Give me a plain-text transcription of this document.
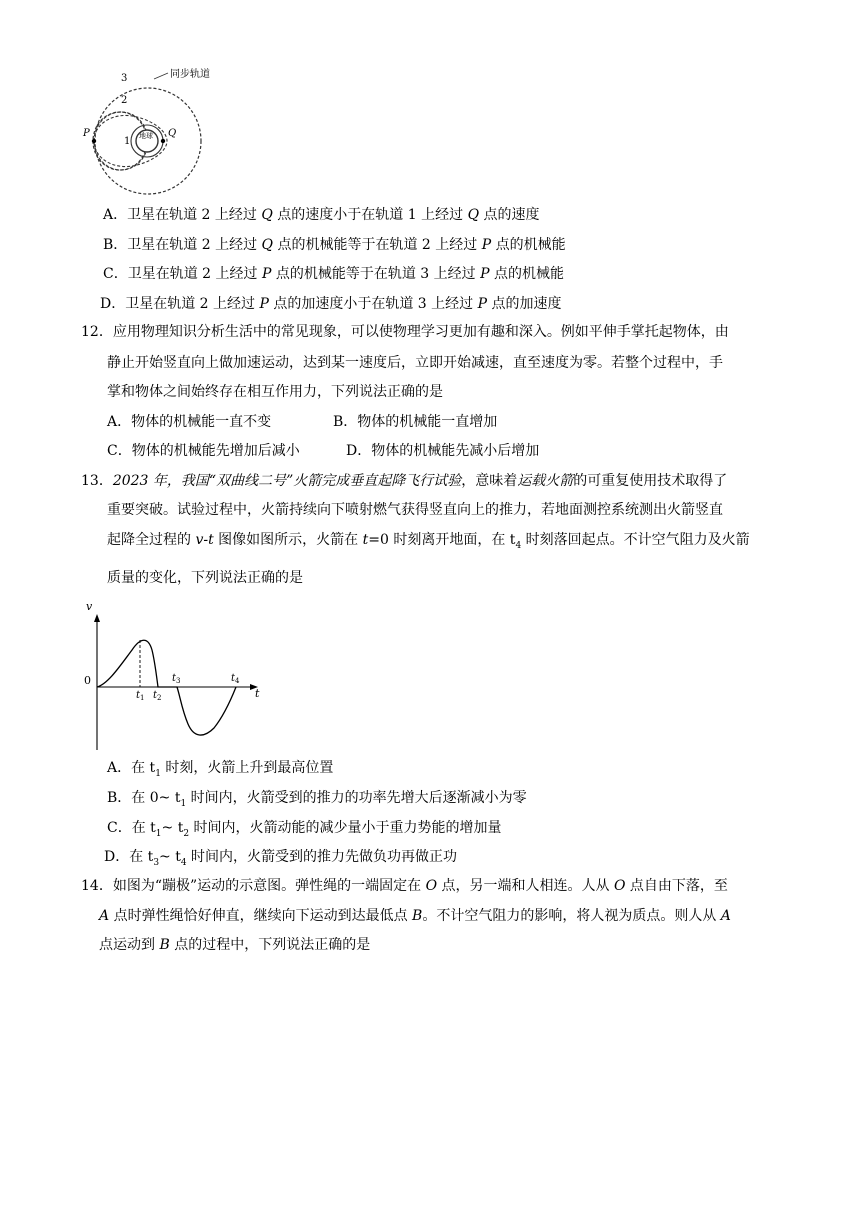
同步轨道
3
2
1 地球
P	Q
A．卫星在轨道 2 上经过 Q 点的速度小于在轨道 1 上经过 Q 点的速度
B．卫星在轨道 2 上经过 Q 点的机械能等于在轨道 2 上经过 P 点的机械能
C．卫星在轨道 2 上经过 P 点的机械能等于在轨道 3 上经过 P 点的机械能
D．卫星在轨道 2 上经过 P 点的加速度小于在轨道 3 上经过 P 点的加速度
12．应用物理知识分析生活中的常见现象，可以使物理学习更加有趣和深入。例如平伸手掌托起物体，由
静止开始竖直向上做加速运动，达到某一速度后，立即开始减速，直至速度为零。若整个过程中，手
掌和物体之间始终存在相互作用力，下列说法正确的是
A．物体的机械能一直不变	B．物体的机械能一直增加
C．物体的机械能先增加后减小	D．物体的机械能先减小后增加
13．2023 年，我国“双曲线二号”火箭完成垂直起降飞行试验，意味着运载火箭的可重复使用技术取得了
重要突破。试验过程中，火箭持续向下喷射燃气获得竖直向上的推力，若地面测控系统测出火箭竖直
起降全过程的 v-t 图像如图所示，火箭在 t=0 时刻离开地面，在 $t_4$ 时刻落回起点。不计空气阻力及火箭
质量的变化，下列说法正确的是
v
0
t
$t_1$ $t_2$
$t_3$	$t_4$
A．在 $t_1$ 时刻，火箭上升到最高位置
B．在 0~ $t_1$ 时间内，火箭受到的推力的功率先增大后逐渐减小为零
C．在 $t_1\sim$ $t_2$ 时间内，火箭动能的减少量小于重力势能的增加量
D．在 $t_3\sim$ $t_4$ 时间内，火箭受到的推力先做负功再做正功
14．如图为“蹦极”运动的示意图。弹性绳的一端固定在 O 点，另一端和人相连。人从 O 点自由下落，至
A 点时弹性绳恰好伸直，继续向下运动到达最低点 B。不计空气阻力的影响，将人视为质点。则人从 A
点运动到 B 点的过程中，下列说法正确的是
